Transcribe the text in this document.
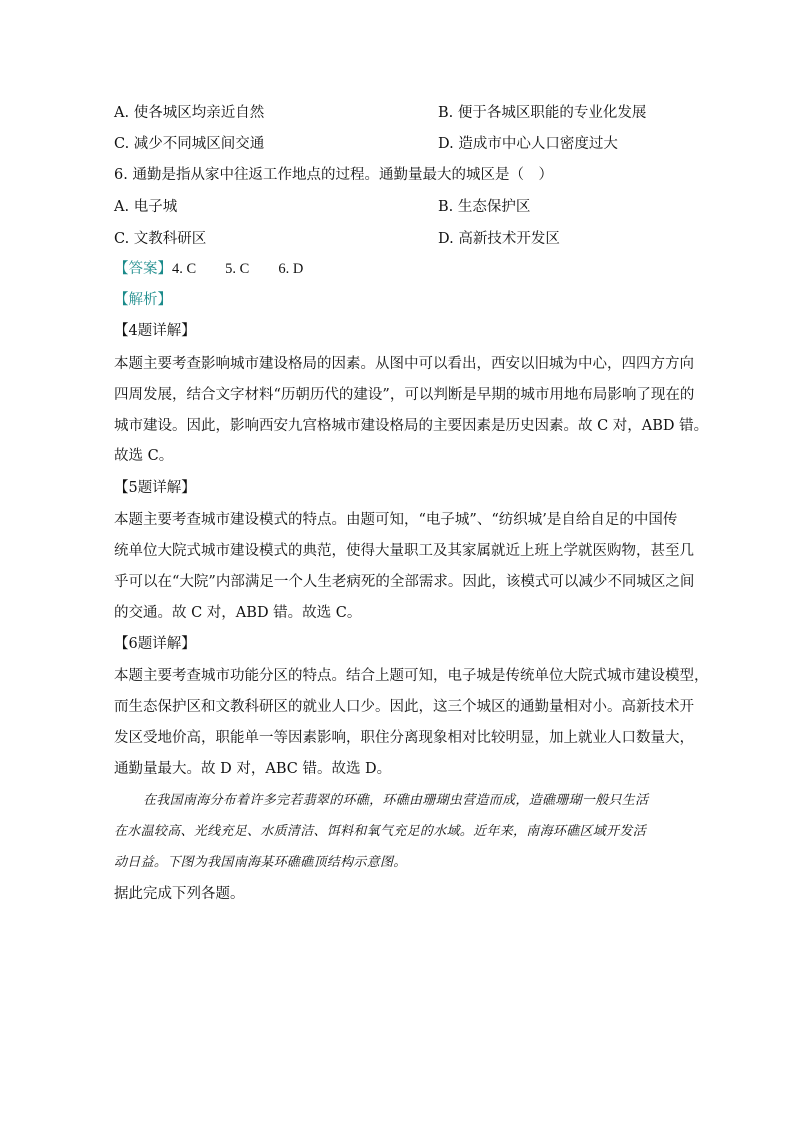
A. 使各城区均亲近自然	B. 便于各城区职能的专业化发展
C. 减少不同城区间交通	D. 造成市中心人口密度过大
6. 通勤是指从家中往返工作地点的过程。通勤量最大的城区是（　）
A. 电子城	B. 生态保护区
C. 文教科研区	D. 高新技术开发区
【答案】4. C　　5. C　　6. D
【解析】
【4题详解】
本题主要考查影响城市建设格局的因素。从图中可以看出，西安以旧城为中心，四四方方向
四周发展，结合文字材料“历朝历代的建设”，可以判断是早期的城市用地布局影响了现在的
城市建设。因此，影响西安九宫格城市建设格局的主要因素是历史因素。故 C 对，ABD 错。
故选 C。
【5题详解】
本题主要考查城市建设模式的特点。由题可知，“电子城”、“纺织城’是自给自足的中国传
统单位大院式城市建设模式的典范，使得大量职工及其家属就近上班上学就医购物，甚至几
乎可以在“大院”内部满足一个人生老病死的全部需求。因此，该模式可以减少不同城区之间
的交通。故 C 对，ABD 错。故选 C。
【6题详解】
本题主要考查城市功能分区的特点。结合上题可知，电子城是传统单位大院式城市建设模型，
而生态保护区和文教科研区的就业人口少。因此，这三个城区的通勤量相对小。高新技术开
发区受地价高，职能单一等因素影响，职住分离现象相对比较明显，加上就业人口数量大，
通勤量最大。故 D 对，ABC 错。故选 D。
在我国南海分布着许多完若翡翠的环礁，环礁由珊瑚虫营造而成，造礁珊瑚一般只生活
在水温较高、光线充足、水质清洁、饵料和氧气充足的水域。近年来，南海环礁区域开发活
动日益。下图为我国南海某环礁礁顶结构示意图。
据此完成下列各题。
